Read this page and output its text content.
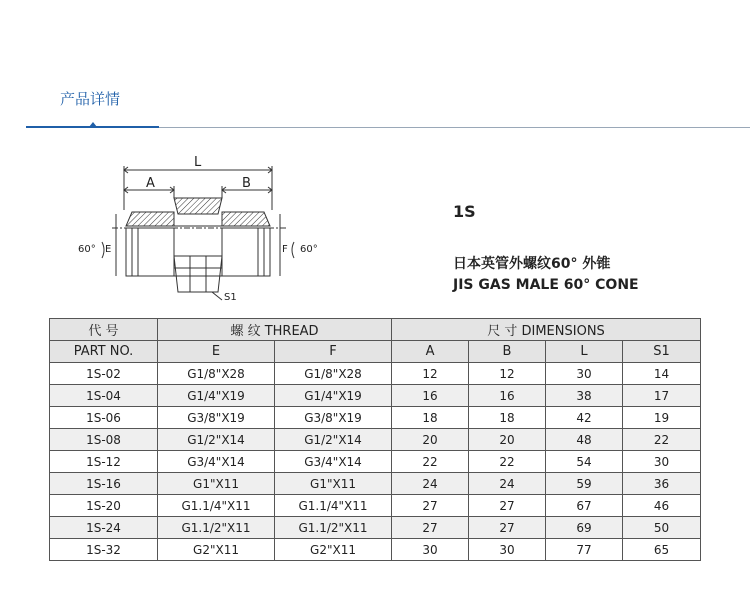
产品详情
L
A	B
E	F
S1
60°	60°
1S
日本英管外螺纹60° 外锥
JIS GAS MALE 60° CONE
代 号	螺 纹 THREAD		尺 寸 DIMENSIONS			
PART NO.	E	F	A	B	L	S1
1S-02	G1/8"X28	G1/8"X28	12	12	30	14
1S-04	G1/4"X19	G1/4"X19	16	16	38	17
1S-06	G3/8"X19	G3/8"X19	18	18	42	19
1S-08	G1/2"X14	G1/2"X14	20	20	48	22
1S-12	G3/4"X14	G3/4"X14	22	22	54	30
1S-16	G1"X11	G1"X11	24	24	59	36
1S-20	G1.1/4"X11	G1.1/4"X11	27	27	67	46
1S-24	G1.1/2"X11	G1.1/2"X11	27	27	69	50
1S-32	G2"X11	G2"X11	30	30	77	65
